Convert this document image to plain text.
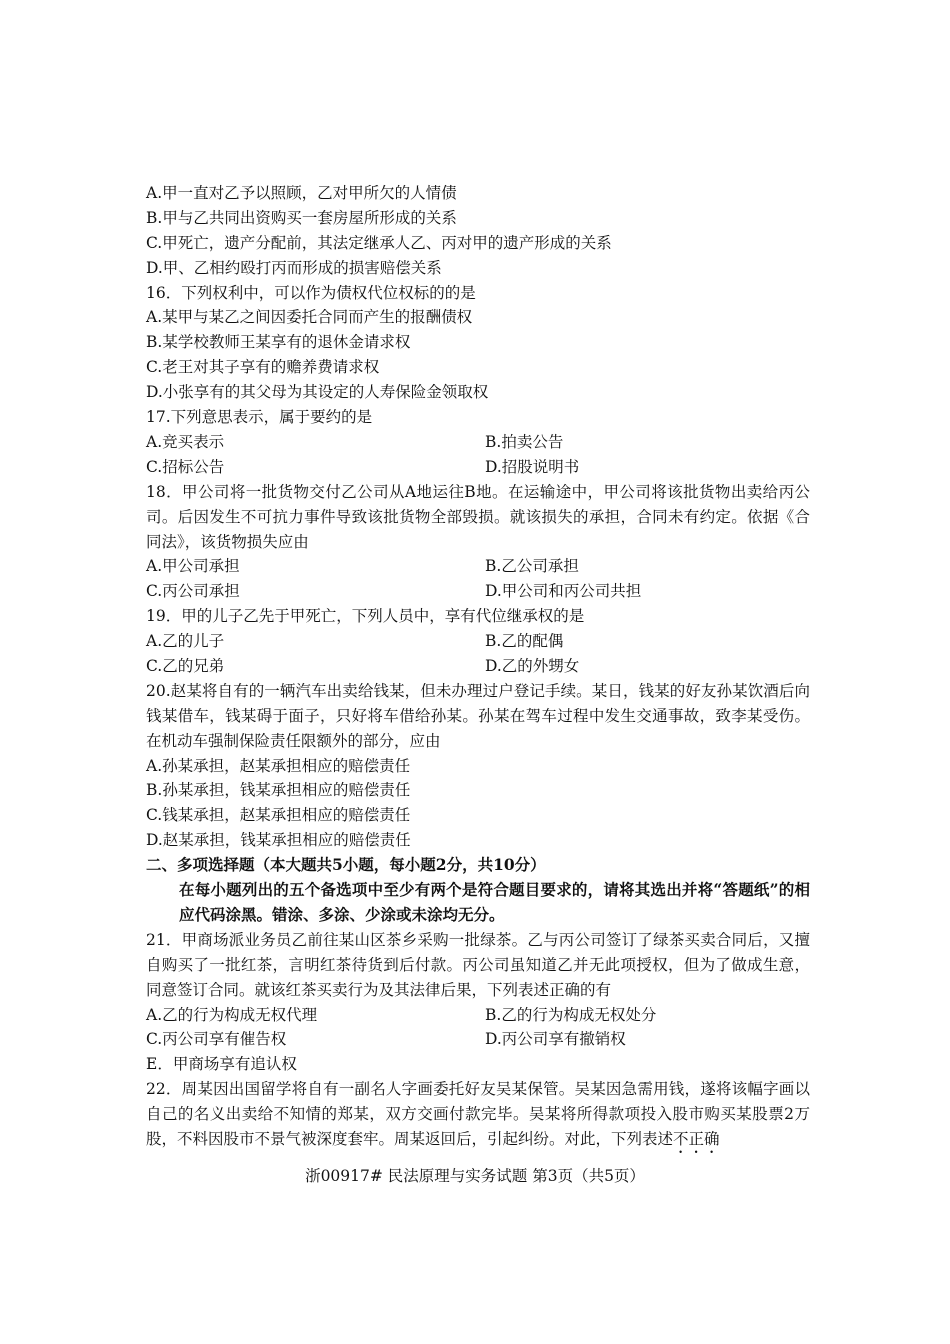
A.甲一直对乙予以照顾，乙对甲所欠的人情债
B.甲与乙共同出资购买一套房屋所形成的关系
C.甲死亡，遗产分配前，其法定继承人乙、丙对甲的遗产形成的关系
D.甲、乙相约殴打丙而形成的损害赔偿关系
16．下列权利中，可以作为债权代位权标的的是
A.某甲与某乙之间因委托合同而产生的报酬债权
B.某学校教师王某享有的退休金请求权
C.老王对其子享有的赡养费请求权
D.小张享有的其父母为其设定的人寿保险金领取权
17.下列意思表示，属于要约的是
A.竞买表示	B.拍卖公告
C.招标公告	D.招股说明书
18．甲公司将一批货物交付乙公司从A地运往B地。在运输途中，甲公司将该批货物出卖给丙公司。后因发生不可抗力事件导致该批货物全部毁损。就该损失的承担，合同未有约定。依据《合同法》，该货物损失应由
A.甲公司承担	B.乙公司承担
C.丙公司承担	D.甲公司和丙公司共担
19．甲的儿子乙先于甲死亡，下列人员中，享有代位继承权的是
A.乙的儿子	B.乙的配偶
C.乙的兄弟	D.乙的外甥女
20.赵某将自有的一辆汽车出卖给钱某，但未办理过户登记手续。某日，钱某的好友孙某饮酒后向钱某借车，钱某碍于面子，只好将车借给孙某。孙某在驾车过程中发生交通事故，致李某受伤。在机动车强制保险责任限额外的部分，应由
A.孙某承担，赵某承担相应的赔偿责任
B.孙某承担，钱某承担相应的赔偿责任
C.钱某承担，赵某承担相应的赔偿责任
D.赵某承担，钱某承担相应的赔偿责任
二、多项选择题（本大题共5小题，每小题2分，共10分）
在每小题列出的五个备选项中至少有两个是符合题目要求的，请将其选出并将“答题纸”的相应代码涂黑。错涂、多涂、少涂或未涂均无分。
21．甲商场派业务员乙前往某山区茶乡采购一批绿茶。乙与丙公司签订了绿茶买卖合同后，又擅自购买了一批红茶，言明红茶待货到后付款。丙公司虽知道乙并无此项授权，但为了做成生意，同意签订合同。就该红茶买卖行为及其法律后果，下列表述正确的有
A.乙的行为构成无权代理	B.乙的行为构成无权处分
C.丙公司享有催告权	D.丙公司享有撤销权
E．甲商场享有追认权
22．周某因出国留学将自有一副名人字画委托好友吴某保管。吴某因急需用钱，遂将该幅字画以自己的名义出卖给不知情的郑某，双方交画付款完毕。吴某将所得款项投入股市购买某股票2万股，不料因股市不景气被深度套牢。周某返回后，引起纠纷。对此，下列表述不正确
浙00917# 民法原理与实务试题 第3页（共5页）
